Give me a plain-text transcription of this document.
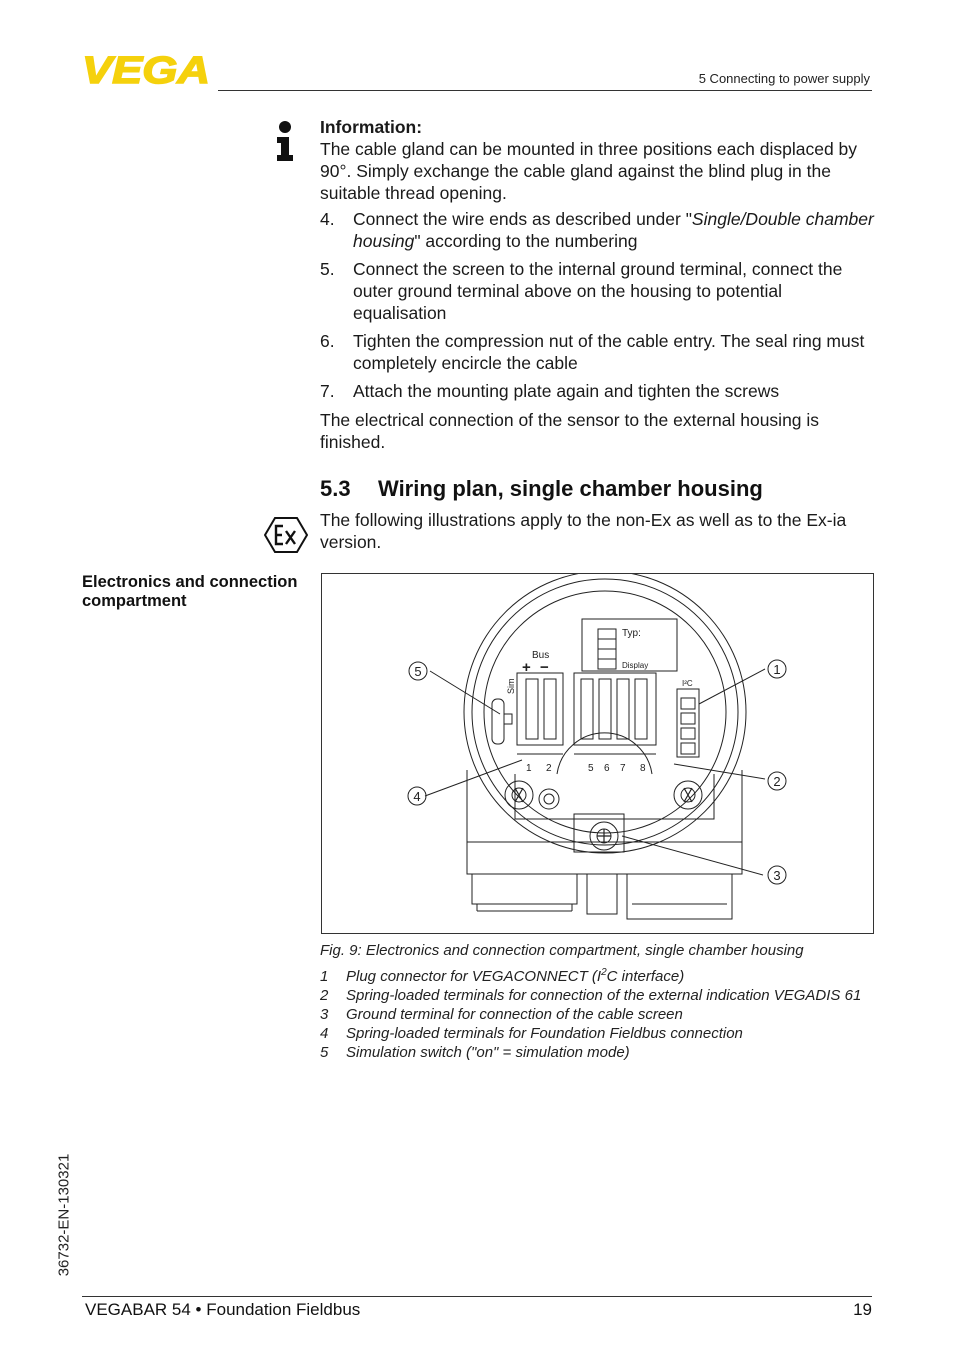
VEGA	5 Connecting to power supply
Information:
The cable gland can be mounted in three positions each displaced by 90°. Simply exchange the cable gland against the blind plug in the suitable thread opening.
4.	Connect the wire ends as described under "Single/Double chamber housing" according to the numbering
5.	Connect the screen to the internal ground terminal, connect the outer ground terminal above on the housing to potential equalisation
6.	Tighten the compression nut of the cable entry. The seal ring must completely encircle the cable
7.	Attach the mounting plate again and tighten the screws
The electrical connection of the sensor to the external housing is finished.
5.3 Wiring plan, single chamber housing
The following illustrations apply to the non-Ex as well as to the Ex-ia version.
Electronics and connection compartment
Typ:
Bus
Display
I²C
Sim
+ −
1 2	5 6 7 8
1
2
3
4
5
Fig. 9: Electronics and connection compartment, single chamber housing
1	Plug connector for VEGACONNECT ($I^2C$ interface)
2	Spring-loaded terminals for connection of the external indication VEGADIS 61
3	Ground terminal for connection of the cable screen
4	Spring-loaded terminals for Foundation Fieldbus connection
5	Simulation switch ("on" = simulation mode)
36732-EN-130321
VEGABAR 54 • Foundation Fieldbus	19
